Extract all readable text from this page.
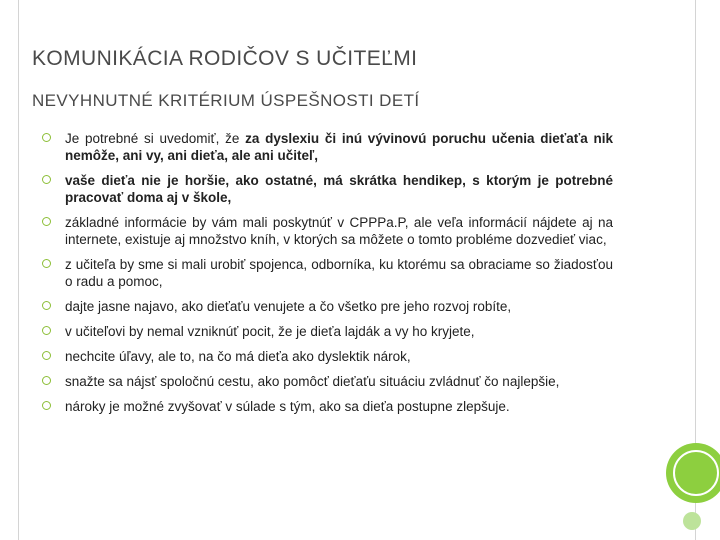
KOMUNIKÁCIA RODIČOV S UČITEĽMI
NEVYHNUTNÉ KRITÉRIUM ÚSPEŠNOSTI DETÍ
Je potrebné si uvedomiť, že za dyslexiu či inú vývinovú poruchu učenia dieťaťa nik nemôže, ani vy, ani dieťa, ale ani učiteľ,
vaše dieťa nie je horšie, ako ostatné, má skrátka hendikep, s ktorým je potrebné pracovať doma aj v škole,
základné informácie by vám mali poskytnúť v CPPPa.P, ale veľa informácií nájdete aj na internete, existuje aj množstvo kníh, v ktorých sa môžete o tomto probléme dozvedieť viac,
z učiteľa by sme si mali urobiť spojenca, odborníka, ku ktorému sa obraciame so žiadosťou o radu a pomoc,
dajte jasne najavo, ako dieťaťu venujete a čo všetko pre jeho rozvoj robíte,
v učiteľovi by nemal vzniknúť pocit, že je dieťa lajdák a vy ho kryjete,
nechcite úľavy, ale to, na čo má dieťa ako dyslektik nárok,
snažte sa nájsť spoločnú cestu, ako pomôcť dieťaťu situáciu zvládnuť čo najlepšie,
nároky je možné zvyšovať v súlade s tým, ako sa dieťa postupne zlepšuje.
